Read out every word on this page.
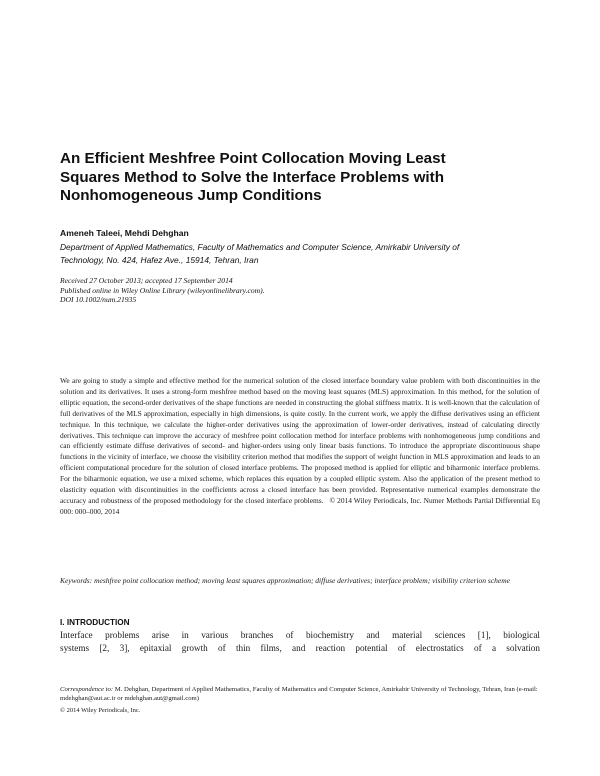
An Efficient Meshfree Point Collocation Moving Least Squares Method to Solve the Interface Problems with Nonhomogeneous Jump Conditions
Ameneh Taleei, Mehdi Dehghan
Department of Applied Mathematics, Faculty of Mathematics and Computer Science, Amirkabir University of Technology, No. 424, Hafez Ave., 15914, Tehran, Iran
Received 27 October 2013; accepted 17 September 2014
Published online in Wiley Online Library (wileyonlinelibrary.com).
DOI 10.1002/num.21935

We are going to study a simple and effective method for the numerical solution of the closed interface boundary value problem with both discontinuities in the solution and its derivatives. It uses a strong-form meshfree method based on the moving least squares (MLS) approximation. In this method, for the solution of elliptic equation, the second-order derivatives of the shape functions are needed in constructing the global stiffness matrix. It is well-known that the calculation of full derivatives of the MLS approximation, especially in high dimensions, is quite costly. In the current work, we apply the diffuse derivatives using an efficient technique. In this technique, we calculate the higher-order derivatives using the approximation of lower-order derivatives, instead of calculating directly derivatives. This technique can improve the accuracy of meshfree point collocation method for interface problems with nonhomogeneous jump conditions and can efficiently estimate diffuse derivatives of second- and higher-orders using only linear basis functions. To introduce the appropriate discontinuous shape functions in the vicinity of interface, we choose the visibility criterion method that modifies the support of weight function in MLS approximation and leads to an efficient computational procedure for the solution of closed interface problems. The proposed method is applied for elliptic and biharmonic interface problems. For the biharmonic equation, we use a mixed scheme, which replaces this equation by a coupled elliptic system. Also the application of the present method to elasticity equation with discontinuities in the coefficients across a closed interface has been provided. Representative numerical examples demonstrate the accuracy and robustness of the proposed methodology for the closed interface problems. © 2014 Wiley Periodicals, Inc. Numer Methods Partial Differential Eq 000: 000–000, 2014

Keywords: meshfree point collocation method; moving least squares approximation; diffuse derivatives; interface problem; visibility criterion scheme
I. INTRODUCTION

Interface problems arise in various branches of biochemistry and material sciences [1], biological
systems [2, 3], epitaxial growth of thin films, and reaction potential of electrostatics of a solvation

Correspondence to: M. Dehghan, Department of Applied Mathematics, Faculty of Mathematics and Computer Science, Amirkabir University of Technology, Tehran, Iran (e-mail: mdehghan@aut.ac.ir or mdehghan.aut@gmail.com)
© 2014 Wiley Periodicals, Inc.
